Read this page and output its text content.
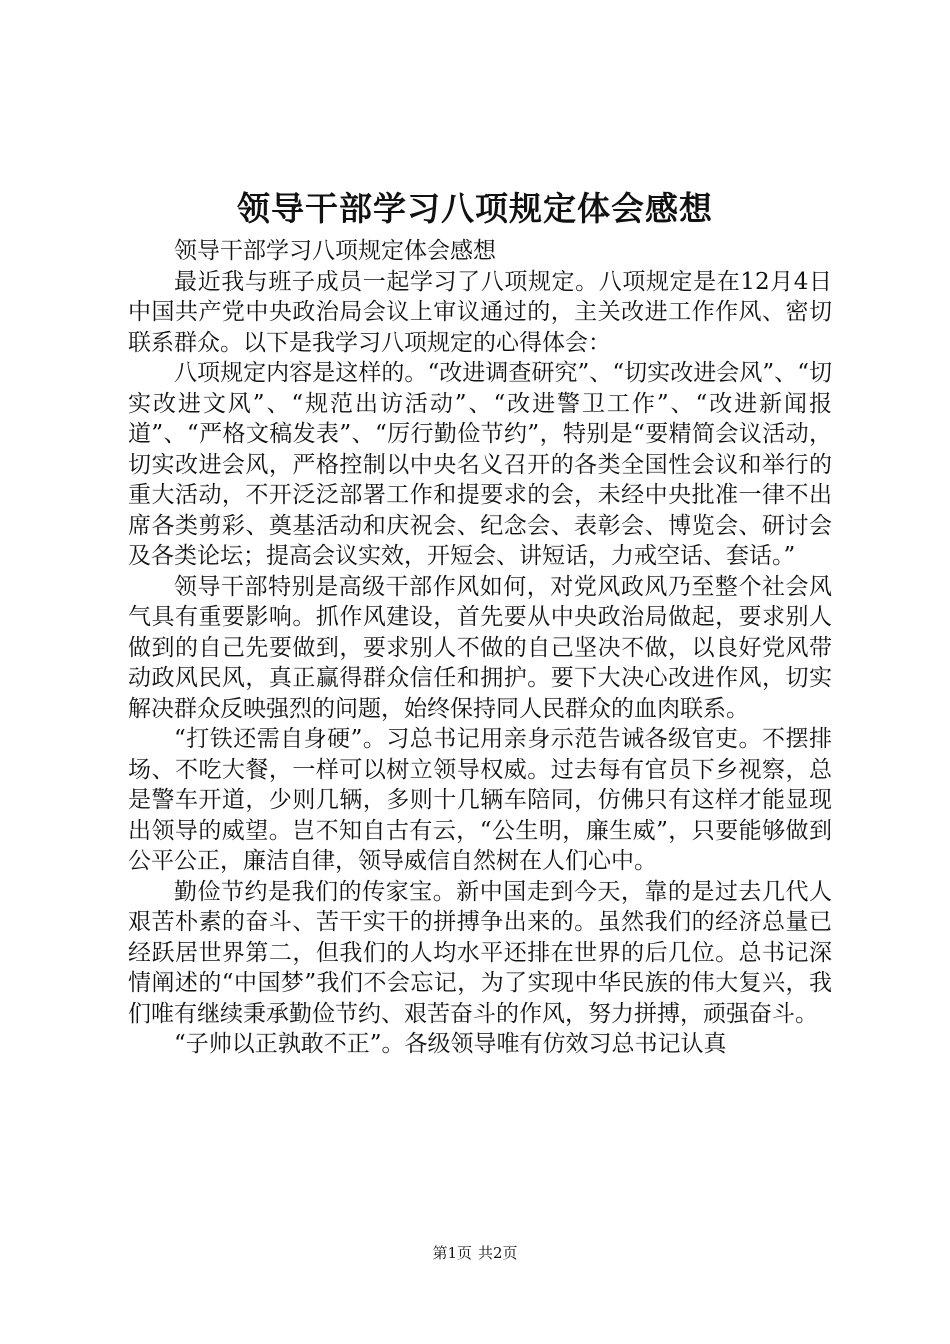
领导干部学习八项规定体会感想

领导干部学习八项规定体会感想

最近我与班子成员一起学习了八项规定。八项规定是在12月4日中国共产党中央政治局会议上审议通过的，主关改进工作作风、密切联系群众。以下是我学习八项规定的心得体会：

八项规定内容是这样的。“改进调查研究”、“切实改进会风”、“切实改进文风”、“规范出访活动”、“改进警卫工作”、“改进新闻报道”、“严格文稿发表”、“厉行勤俭节约”，特别是“要精简会议活动，切实改进会风，严格控制以中央名义召开的各类全国性会议和举行的重大活动，不开泛泛部署工作和提要求的会，未经中央批准一律不出席各类剪彩、奠基活动和庆祝会、纪念会、表彰会、博览会、研讨会及各类论坛；提高会议实效，开短会、讲短话，力戒空话、套话。”

领导干部特别是高级干部作风如何，对党风政风乃至整个社会风气具有重要影响。抓作风建设，首先要从中央政治局做起，要求别人做到的自己先要做到，要求别人不做的自己坚决不做，以良好党风带动政风民风，真正赢得群众信任和拥护。要下大决心改进作风，切实解决群众反映强烈的问题，始终保持同人民群众的血肉联系。

“打铁还需自身硬”。习总书记用亲身示范告诫各级官吏。不摆排场、不吃大餐，一样可以树立领导权威。过去每有官员下乡视察，总是警车开道，少则几辆，多则十几辆车陪同，仿佛只有这样才能显现出领导的威望。岂不知自古有云，“公生明，廉生威”，只要能够做到公平公正，廉洁自律，领导威信自然树在人们心中。

勤俭节约是我们的传家宝。新中国走到今天，靠的是过去几代人艰苦朴素的奋斗、苦干实干的拼搏争出来的。虽然我们的经济总量已经跃居世界第二，但我们的人均水平还排在世界的后几位。总书记深情阐述的“中国梦”我们不会忘记，为了实现中华民族的伟大复兴，我们唯有继续秉承勤俭节约、艰苦奋斗的作风，努力拼搏，顽强奋斗。

“子帅以正孰敢不正”。各级领导唯有仿效习总书记认真

第1页 共2页
